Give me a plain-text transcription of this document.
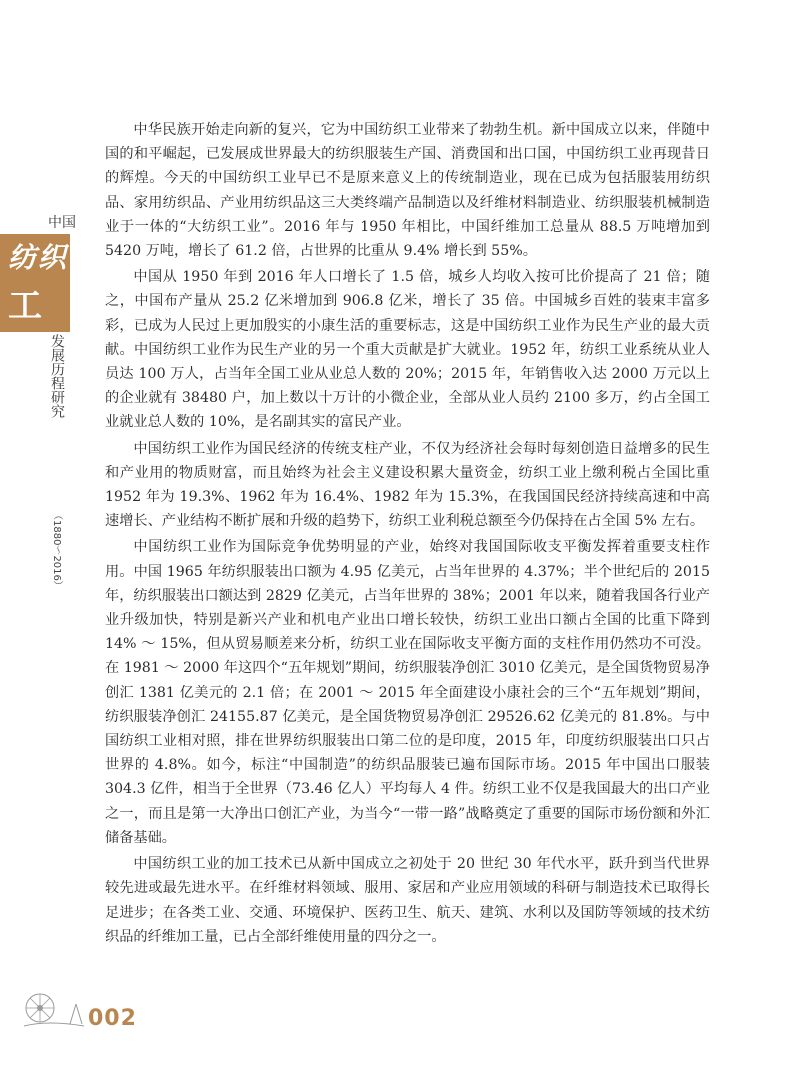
中国
纺织
工业 发展历程研究
（1880～2016）

中华民族开始走向新的复兴，它为中国纺织工业带来了勃勃生机。新中国成立以来，伴随中国的和平崛起，已发展成世界最大的纺织服装生产国、消费国和出口国，中国纺织工业再现昔日的辉煌。今天的中国纺织工业早已不是原来意义上的传统制造业，现在已成为包括服装用纺织品、家用纺织品、产业用纺织品这三大类终端产品制造以及纤维材料制造业、纺织服装机械制造业于一体的“大纺织工业”。2016 年与 1950 年相比，中国纤维加工总量从 88.5 万吨增加到 5420 万吨，增长了 61.2 倍，占世界的比重从 9.4% 增长到 55%。

中国从 1950 年到 2016 年人口增长了 1.5 倍，城乡人均收入按可比价提高了 21 倍；随之，中国布产量从 25.2 亿米增加到 906.8 亿米，增长了 35 倍。中国城乡百姓的装束丰富多彩，已成为人民过上更加殷实的小康生活的重要标志，这是中国纺织工业作为民生产业的最大贡献。中国纺织工业作为民生产业的另一个重大贡献是扩大就业。1952 年，纺织工业系统从业人员达 100 万人，占当年全国工业从业总人数的 20%；2015 年，年销售收入达 2000 万元以上的企业就有 38480 户，加上数以十万计的小微企业，全部从业人员约 2100 多万，约占全国工业就业总人数的 10%，是名副其实的富民产业。

中国纺织工业作为国民经济的传统支柱产业，不仅为经济社会每时每刻创造日益增多的民生和产业用的物质财富，而且始终为社会主义建设积累大量资金，纺织工业上缴利税占全国比重 1952 年为 19.3%、1962 年为 16.4%、1982 年为 15.3%，在我国国民经济持续高速和中高速增长、产业结构不断扩展和升级的趋势下，纺织工业利税总额至今仍保持在占全国 5% 左右。

中国纺织工业作为国际竞争优势明显的产业，始终对我国国际收支平衡发挥着重要支柱作用。中国 1965 年纺织服装出口额为 4.95 亿美元，占当年世界的 4.37%；半个世纪后的 2015 年，纺织服装出口额达到 2829 亿美元，占当年世界的 38%；2001 年以来，随着我国各行业产业升级加快，特别是新兴产业和机电产业出口增长较快，纺织工业出口额占全国的比重下降到 14% ～ 15%，但从贸易顺差来分析，纺织工业在国际收支平衡方面的支柱作用仍然功不可没。在 1981 ～ 2000 年这四个“五年规划”期间，纺织服装净创汇 3010 亿美元，是全国货物贸易净创汇 1381 亿美元的 2.1 倍；在 2001 ～ 2015 年全面建设小康社会的三个“五年规划”期间，纺织服装净创汇 24155.87 亿美元，是全国货物贸易净创汇 29526.62 亿美元的 81.8%。与中国纺织工业相对照，排在世界纺织服装出口第二位的是印度，2015 年，印度纺织服装出口只占世界的 4.8%。如今，标注“中国制造”的纺织品服装已遍布国际市场。2015 年中国出口服装 304.3 亿件，相当于全世界（73.46 亿人）平均每人 4 件。纺织工业不仅是我国最大的出口产业之一，而且是第一大净出口创汇产业，为当今“一带一路”战略奠定了重要的国际市场份额和外汇储备基础。

中国纺织工业的加工技术已从新中国成立之初处于 20 世纪 30 年代水平，跃升到当代世界较先进或最先进水平。在纤维材料领域、服用、家居和产业应用领域的科研与制造技术已取得长足进步；在各类工业、交通、环境保护、医药卫生、航天、建筑、水利以及国防等领域的技术纺织品的纤维加工量，已占全部纤维使用量的四分之一。

002
